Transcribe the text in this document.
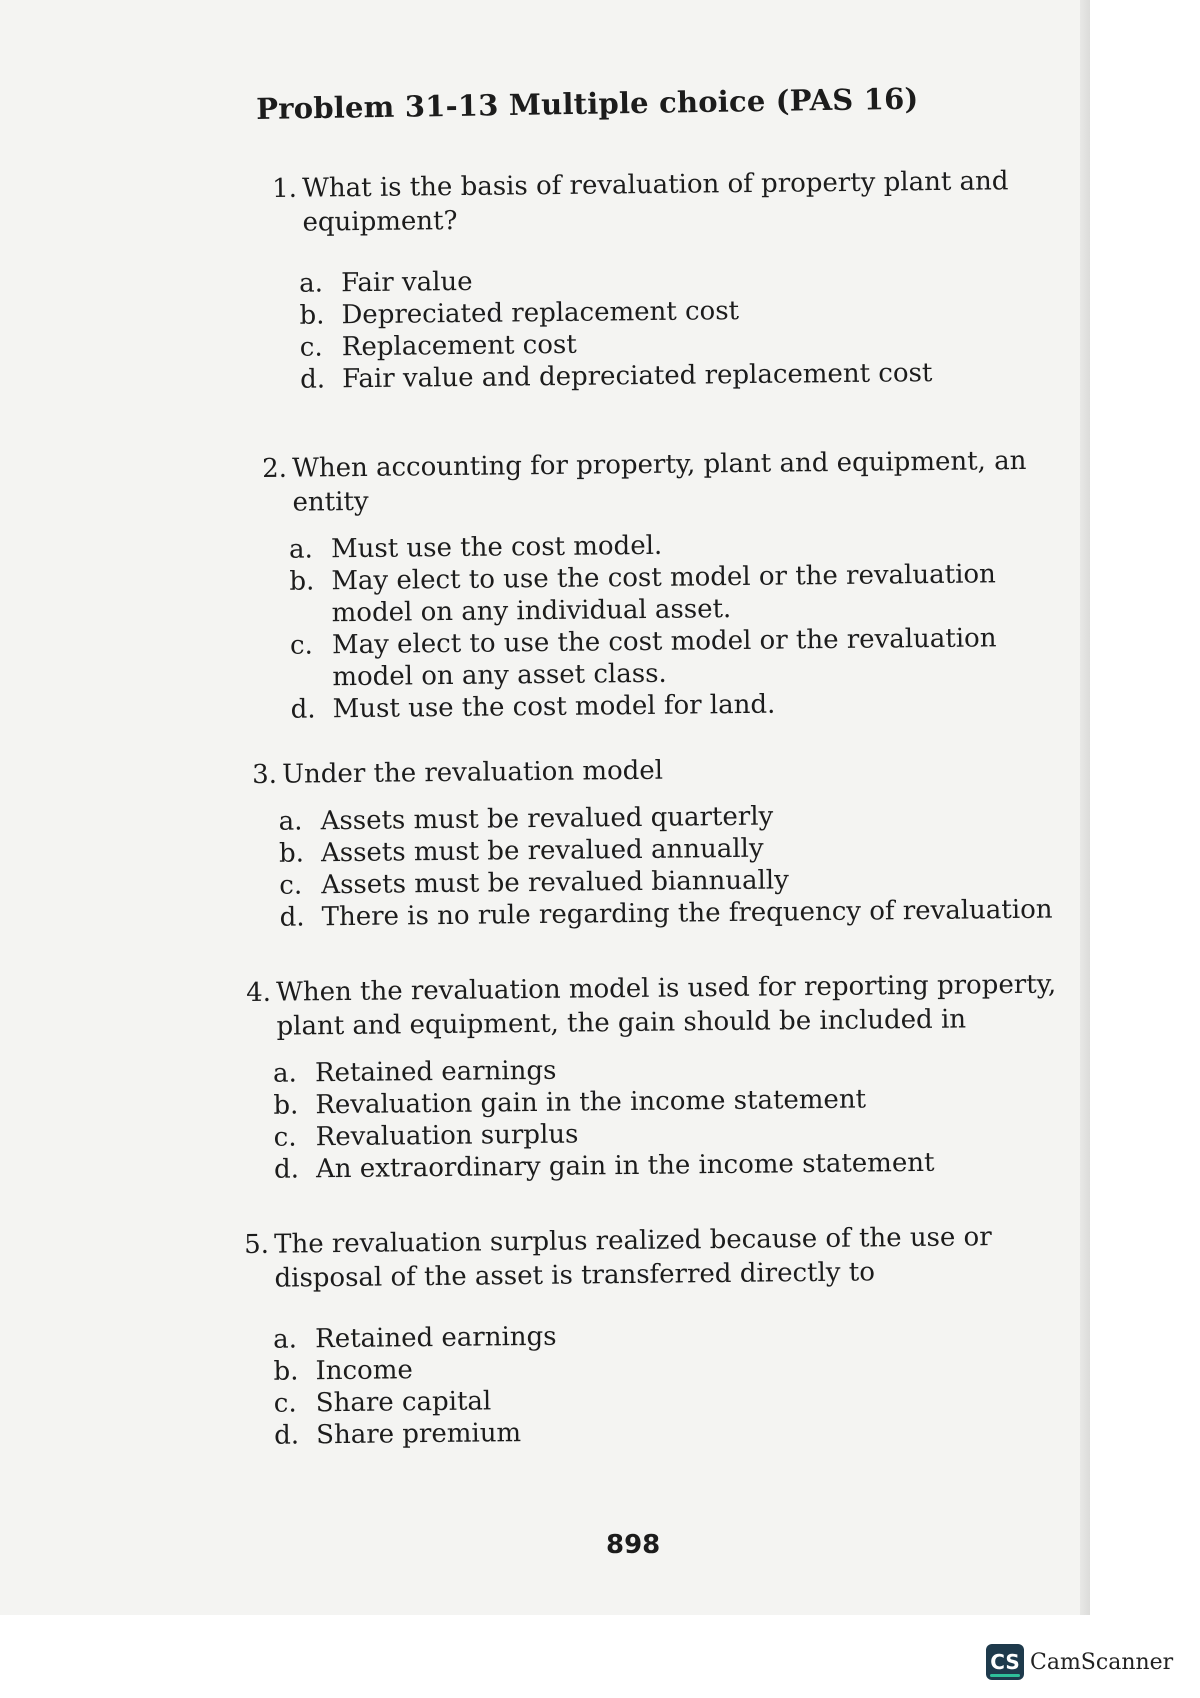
Problem 31-13 Multiple choice (PAS 16)
1. What is the basis of revaluation of property plant and
equipment?
a. Fair value
b. Depreciated replacement cost
c. Replacement cost
d. Fair value and depreciated replacement cost
2. When accounting for property, plant and equipment, an
entity
a. Must use the cost model.
b. May elect to use the cost model or the revaluation
model on any individual asset.
c. May elect to use the cost model or the revaluation
model on any asset class.
d. Must use the cost model for land.
3. Under the revaluation model
a. Assets must be revalued quarterly
b. Assets must be revalued annually
c. Assets must be revalued biannually
d. There is no rule regarding the frequency of revaluation
4. When the revaluation model is used for reporting property,
plant and equipment, the gain should be included in
a. Retained earnings
b. Revaluation gain in the income statement
c. Revaluation surplus
d. An extraordinary gain in the income statement
5. The revaluation surplus realized because of the use or
disposal of the asset is transferred directly to
a. Retained earnings
b. Income
c. Share capital
d. Share premium
898
CS CamScanner
